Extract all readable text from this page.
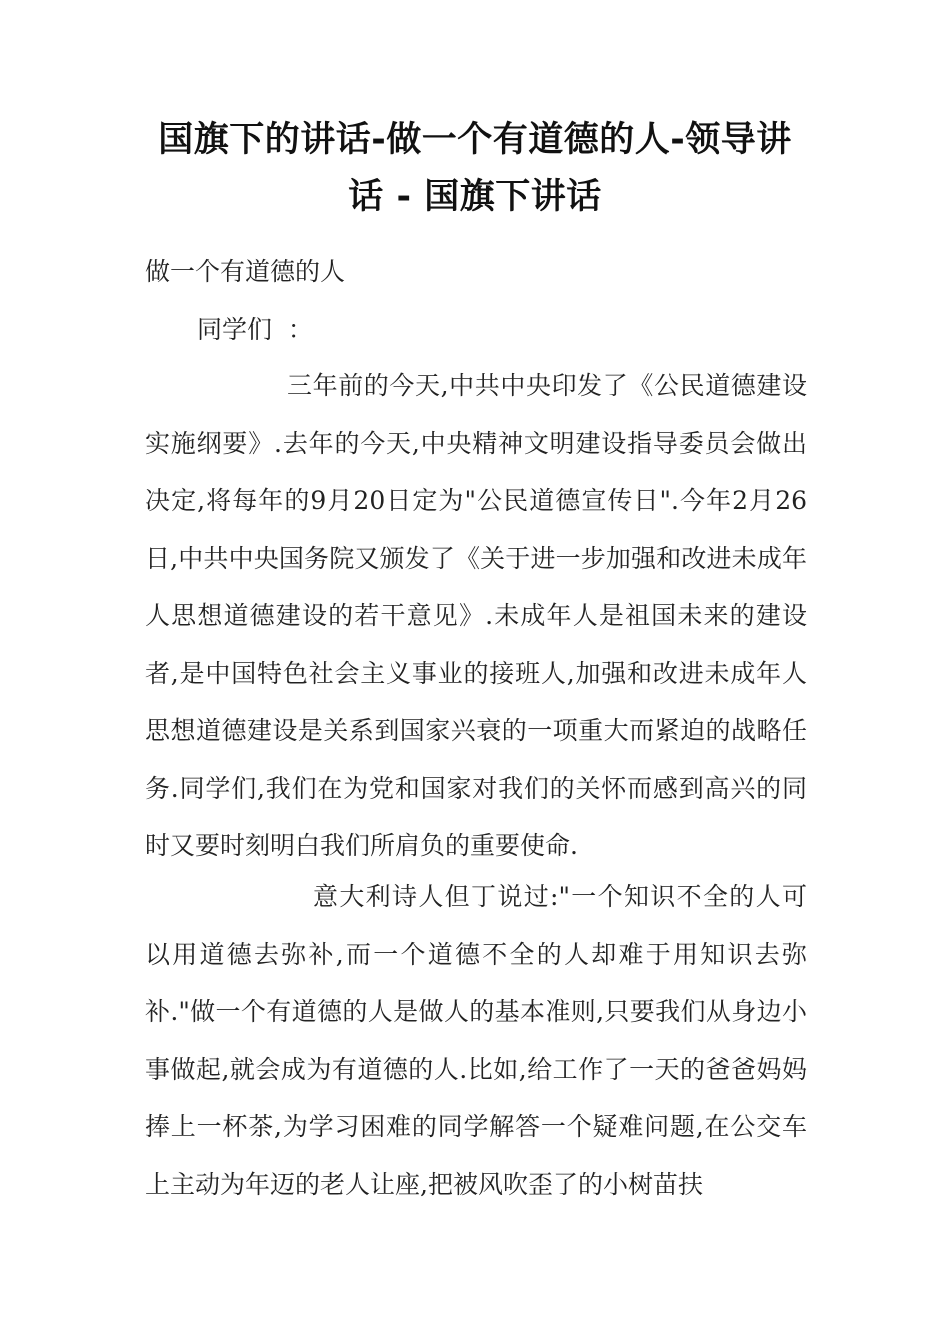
国旗下的讲话-做一个有道德的人-领导讲话 - 国旗下讲话

做一个有道德的人

同学们  ：

三年前的今天,中共中央印发了《公民道德建设实施纲要》.去年的今天,中央精神文明建设指导委员会做出决定,将每年的9月20日定为"公民道德宣传日".今年2月26日,中共中央国务院又颁发了《关于进一步加强和改进未成年人思想道德建设的若干意见》.未成年人是祖国未来的建设者,是中国特色社会主义事业的接班人,加强和改进未成年人思想道德建设是关系到国家兴衰的一项重大而紧迫的战略任务.同学们,我们在为党和国家对我们的关怀而感到高兴的同时又要时刻明白我们所肩负的重要使命.

意大利诗人但丁说过:"一个知识不全的人可以用道德去弥补,而一个道德不全的人却难于用知识去弥补."做一个有道德的人是做人的基本准则,只要我们从身边小事做起,就会成为有道德的人.比如,给工作了一天的爸爸妈妈捧上一杯茶,为学习困难的同学解答一个疑难问题,在公交车上主动为年迈的老人让座,把被风吹歪了的小树苗扶
